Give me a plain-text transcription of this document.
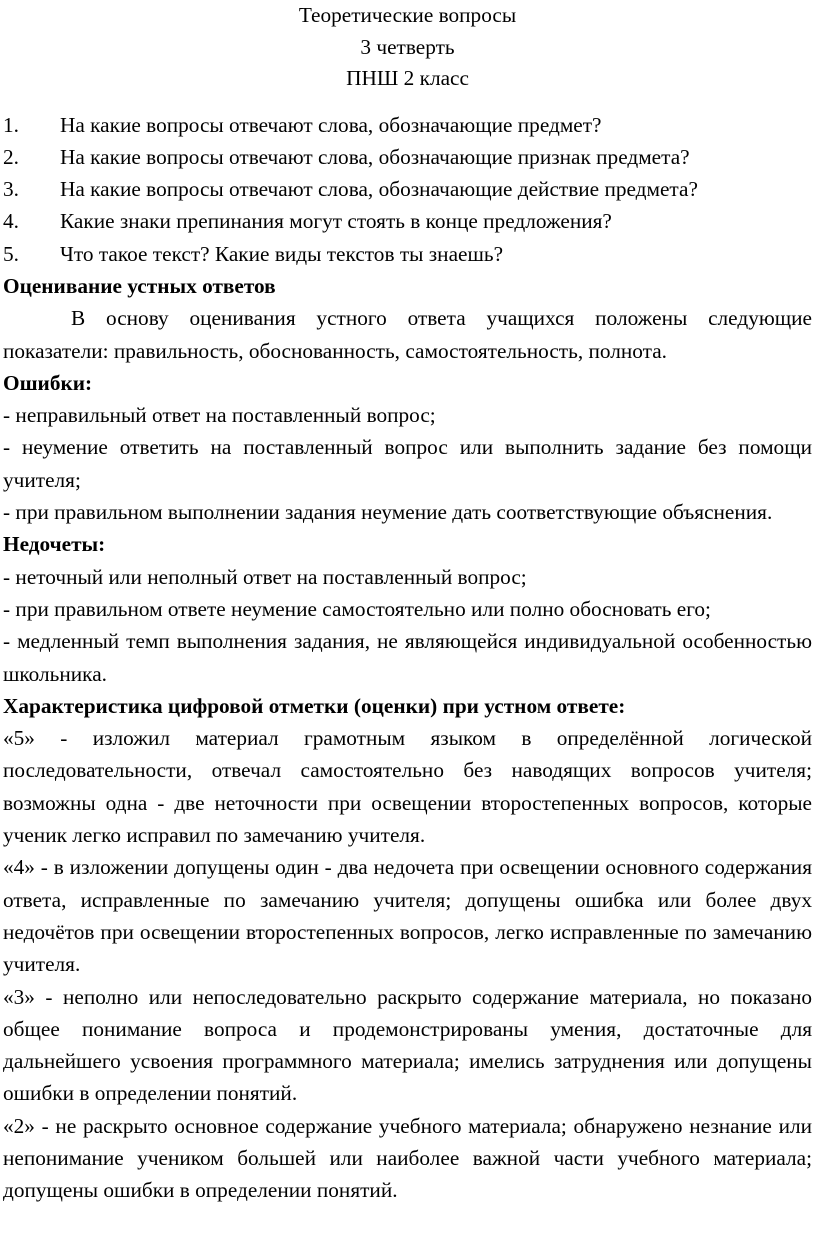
Теоретические вопросы
3 четверть
ПНШ 2 класс
1.	На какие вопросы отвечают слова, обозначающие предмет?
2.	На какие вопросы отвечают слова, обозначающие признак предмета?
3.	На какие вопросы отвечают слова, обозначающие действие предмета?
4.	Какие знаки препинания могут стоять в конце предложения?
5.	Что такое текст? Какие виды текстов ты знаешь?

Оценивание устных ответов

В основу оценивания устного ответа учащихся положены следующие показатели: правильность, обоснованность, самостоятельность, полнота.

Ошибки:

- неправильный ответ на поставленный вопрос;

- неумение ответить на поставленный вопрос или выполнить задание без помощи учителя;

- при правильном выполнении задания неумение дать соответствующие объяснения.

Недочеты:

- неточный или неполный ответ на поставленный вопрос;

- при правильном ответе неумение самостоятельно или полно обосновать его;

- медленный темп выполнения задания, не являющейся индивидуальной особенностью школьника.

Характеристика цифровой отметки (оценки) при устном ответе:

«5» - изложил материал грамотным языком в определённой логической последовательности, отвечал самостоятельно без наводящих вопросов учителя; возможны одна - две неточности при освещении второстепенных вопросов, которые ученик легко исправил по замечанию учителя.

«4» - в изложении допущены один - два недочета при освещении основного содержания ответа, исправленные по замечанию учителя; допущены ошибка или более двух недочётов при освещении второстепенных вопросов, легко исправленные по замечанию учителя.

«3» - неполно или непоследовательно раскрыто содержание материала, но показано общее понимание вопроса и продемонстрированы умения, достаточные для дальнейшего усвоения программного материала; имелись затруднения или допущены ошибки в определении понятий.

«2» - не раскрыто основное содержание учебного материала; обнаружено незнание или непонимание учеником большей или наиболее важной части учебного материала; допущены ошибки в определении понятий.
